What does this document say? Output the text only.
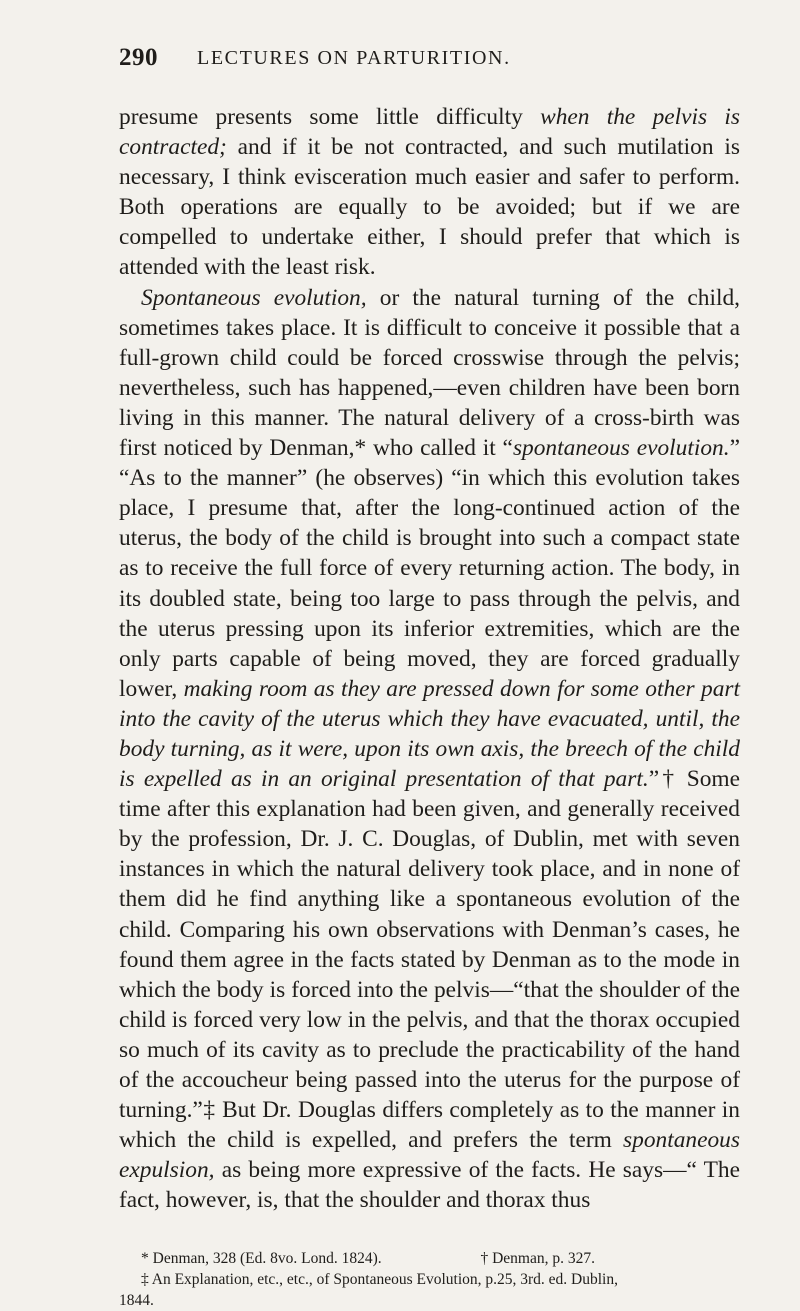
290 LECTURES ON PARTURITION.

presume presents some little difficulty when the pelvis is contracted; and if it be not contracted, and such mutilation is necessary, I think evisceration much easier and safer to perform. Both operations are equally to be avoided; but if we are compelled to undertake either, I should prefer that which is attended with the least risk.

Spontaneous evolution, or the natural turning of the child, sometimes takes place. It is difficult to conceive it possible that a full-grown child could be forced crosswise through the pelvis; nevertheless, such has happened,—even children have been born living in this manner. The natural delivery of a cross-birth was first noticed by Denman,* who called it “spontaneous evolution.” “As to the manner” (he observes) “in which this evolution takes place, I presume that, after the long-continued action of the uterus, the body of the child is brought into such a compact state as to receive the full force of every returning action. The body, in its doubled state, being too large to pass through the pelvis, and the uterus pressing upon its inferior extremities, which are the only parts capable of being moved, they are forced gradually lower, making room as they are pressed down for some other part into the cavity of the uterus which they have evacuated, until, the body turning, as it were, upon its own axis, the breech of the child is expelled as in an original presentation of that part.”† Some time after this explanation had been given, and generally received by the profession, Dr. J. C. Douglas, of Dublin, met with seven instances in which the natural delivery took place, and in none of them did he find anything like a spontaneous evolution of the child. Comparing his own observations with Denman’s cases, he found them agree in the facts stated by Denman as to the mode in which the body is forced into the pelvis—“that the shoulder of the child is forced very low in the pelvis, and that the thorax occupied so much of its cavity as to preclude the practicability of the hand of the accoucheur being passed into the uterus for the purpose of turning.”‡ But Dr. Douglas differs completely as to the manner in which the child is expelled, and prefers the term spontaneous expulsion, as being more expressive of the facts. He says—“ The fact, however, is, that the shoulder and thorax thus

* Denman, 328 (Ed. 8vo. Lond. 1824).	† Denman, p. 327.
‡ An Explanation, etc., etc., of Spontaneous Evolution, p.25, 3rd. ed. Dublin,
1844.
